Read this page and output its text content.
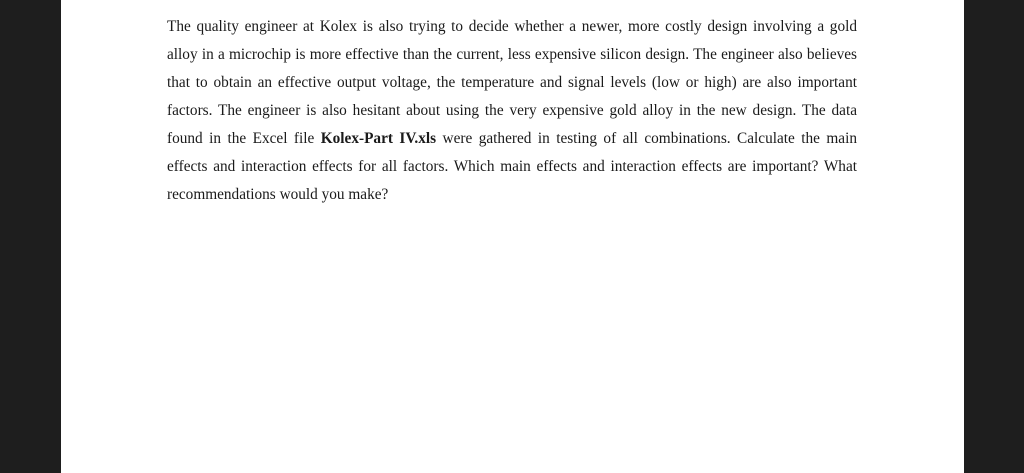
The quality engineer at Kolex is also trying to decide whether a newer, more costly design involving a gold alloy in a microchip is more effective than the current, less expensive silicon design. The engineer also believes that to obtain an effective output voltage, the temperature and signal levels (low or high) are also important factors. The engineer is also hesitant about using the very expensive gold alloy in the new design. The data found in the Excel file Kolex-Part IV.xls were gathered in testing of all combinations. Calculate the main effects and interaction effects for all factors. Which main effects and interaction effects are important? What recommendations would you make?
